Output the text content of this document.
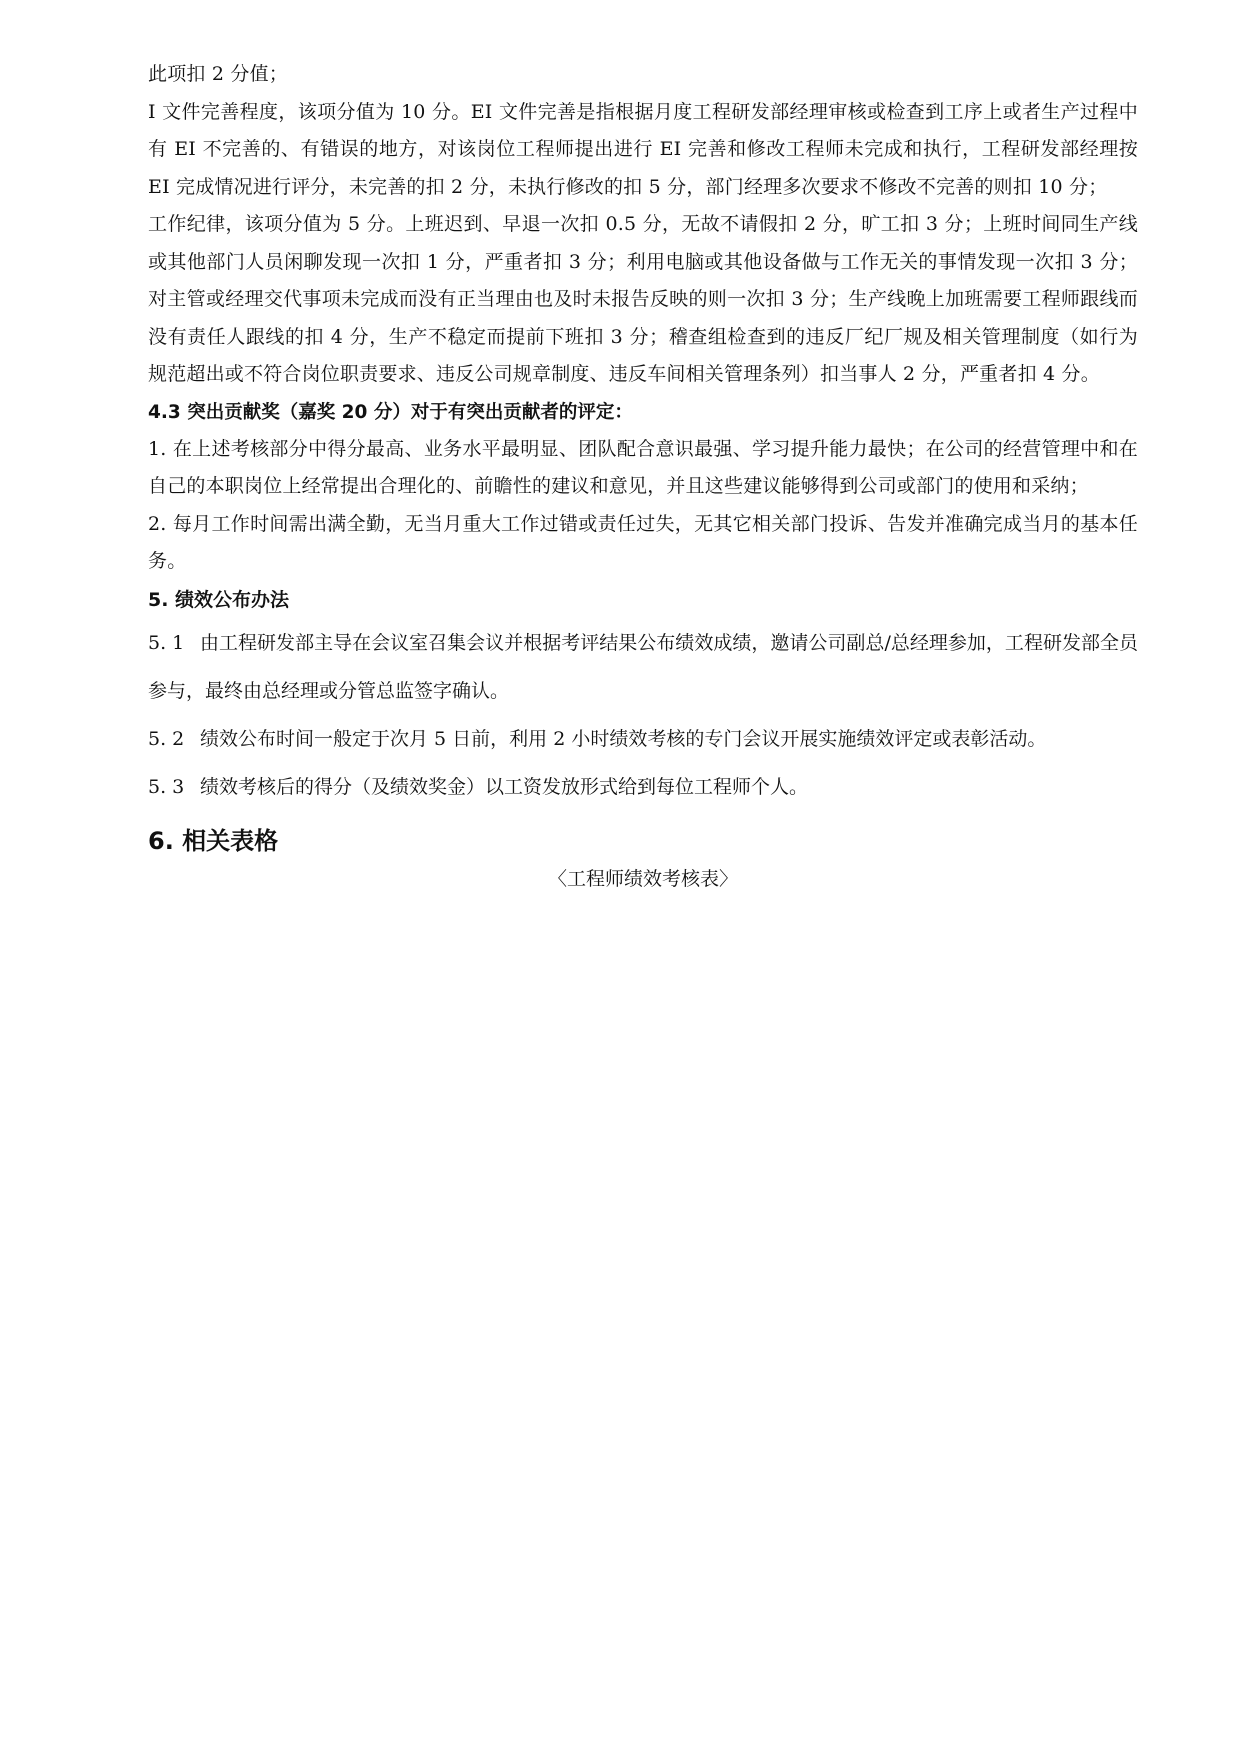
此项扣 2 分值；

I 文件完善程度，该项分值为 10 分。EI 文件完善是指根据月度工程研发部经理审核或检查到工序上或者生产过程中有 EI 不完善的、有错误的地方，对该岗位工程师提出进行 EI 完善和修改工程师未完成和执行，工程研发部经理按 EI 完成情况进行评分，未完善的扣 2 分，未执行修改的扣 5 分，部门经理多次要求不修改不完善的则扣 10 分；

工作纪律，该项分值为 5 分。上班迟到、早退一次扣 0.5 分，无故不请假扣 2 分，旷工扣 3 分；上班时间同生产线或其他部门人员闲聊发现一次扣 1 分，严重者扣 3 分；利用电脑或其他设备做与工作无关的事情发现一次扣 3 分；对主管或经理交代事项未完成而没有正当理由也及时未报告反映的则一次扣 3 分；生产线晚上加班需要工程师跟线而没有责任人跟线的扣 4 分，生产不稳定而提前下班扣 3 分；稽查组检查到的违反厂纪厂规及相关管理制度（如行为规范超出或不符合岗位职责要求、违反公司规章制度、违反车间相关管理条列）扣当事人 2 分，严重者扣 4 分。

4.3 突出贡献奖（嘉奖 20 分）对于有突出贡献者的评定：

1. 在上述考核部分中得分最高、业务水平最明显、团队配合意识最强、学习提升能力最快；在公司的经营管理中和在自己的本职岗位上经常提出合理化的、前瞻性的建议和意见，并且这些建议能够得到公司或部门的使用和采纳；

2. 每月工作时间需出满全勤，无当月重大工作过错或责任过失，无其它相关部门投诉、告发并准确完成当月的基本任务。

5. 绩效公布办法

5. 1 由工程研发部主导在会议室召集会议并根据考评结果公布绩效成绩，邀请公司副总/总经理参加，工程研发部全员参与，最终由总经理或分管总监签字确认。

5. 2 绩效公布时间一般定于次月 5 日前，利用 2 小时绩效考核的专门会议开展实施绩效评定或表彰活动。

5. 3 绩效考核后的得分（及绩效奖金）以工资发放形式给到每位工程师个人。

6. 相关表格

〈工程师绩效考核表〉
